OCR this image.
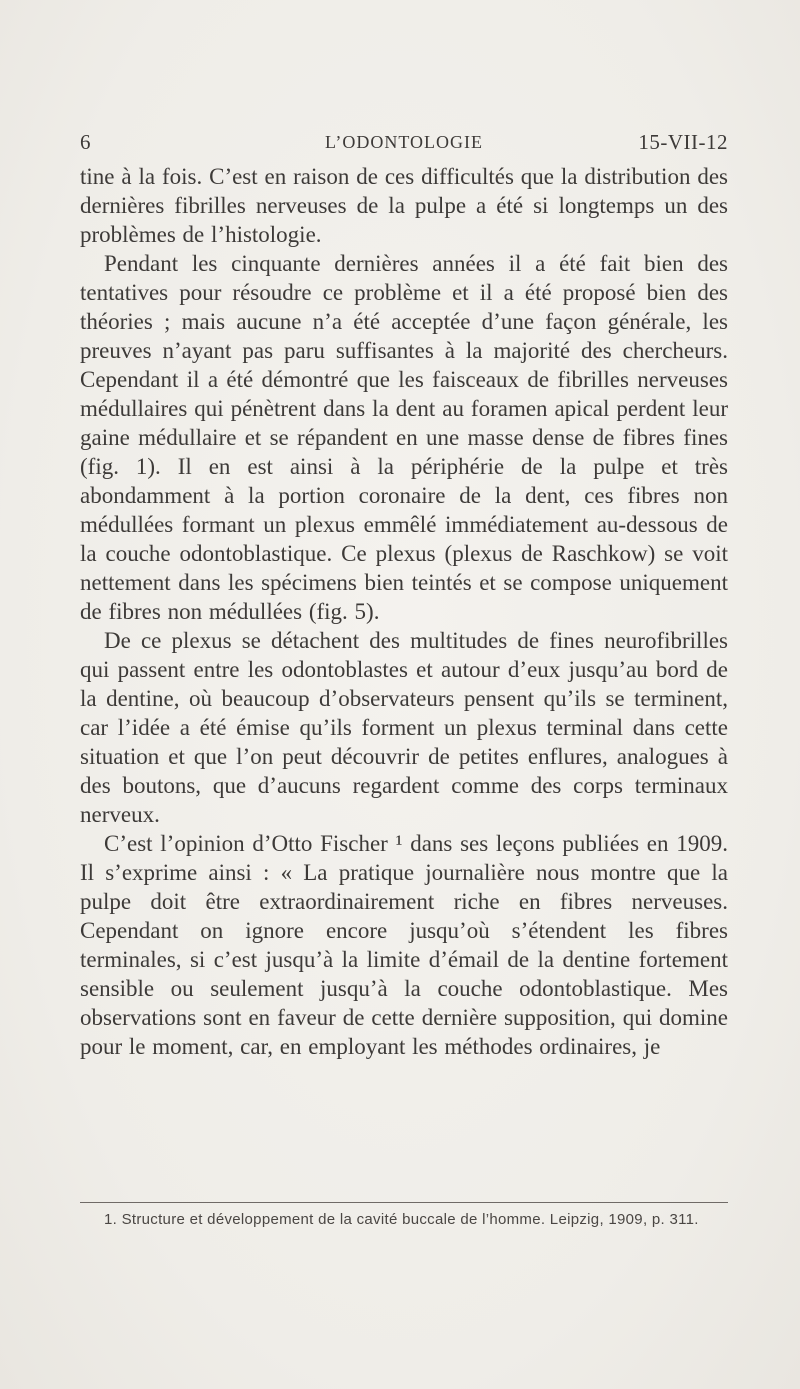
6	L’ODONTOLOGIE	15-VII-12

tine à la fois. C’est en raison de ces difficultés que la distribution des dernières fibrilles nerveuses de la pulpe a été si longtemps un des problèmes de l’histologie.

Pendant les cinquante dernières années il a été fait bien des tentatives pour résoudre ce problème et il a été proposé bien des théories ; mais aucune n’a été acceptée d’une façon générale, les preuves n’ayant pas paru suffisantes à la majorité des chercheurs. Cependant il a été démontré que les faisceaux de fibrilles nerveuses médullaires qui pénètrent dans la dent au foramen apical perdent leur gaine médullaire et se répandent en une masse dense de fibres fines (fig. 1). Il en est ainsi à la périphérie de la pulpe et très abondamment à la portion coronaire de la dent, ces fibres non médullées formant un plexus emmêlé immédiatement au-dessous de la couche odontoblastique. Ce plexus (plexus de Raschkow) se voit nettement dans les spécimens bien teintés et se compose uniquement de fibres non médullées (fig. 5).

De ce plexus se détachent des multitudes de fines neurofibrilles qui passent entre les odontoblastes et autour d’eux jusqu’au bord de la dentine, où beaucoup d’observateurs pensent qu’ils se terminent, car l’idée a été émise qu’ils forment un plexus terminal dans cette situation et que l’on peut découvrir de petites enflures, analogues à des boutons, que d’aucuns regardent comme des corps terminaux nerveux.

C’est l’opinion d’Otto Fischer ¹ dans ses leçons publiées en 1909. Il s’exprime ainsi : « La pratique journalière nous montre que la pulpe doit être extraordinairement riche en fibres nerveuses. Cependant on ignore encore jusqu’où s’étendent les fibres terminales, si c’est jusqu’à la limite d’émail de la dentine fortement sensible ou seulement jusqu’à la couche odontoblastique. Mes observations sont en faveur de cette dernière supposition, qui domine pour le moment, car, en employant les méthodes ordinaires, je

1. Structure et développement de la cavité buccale de l’homme. Leipzig, 1909, p. 311.
